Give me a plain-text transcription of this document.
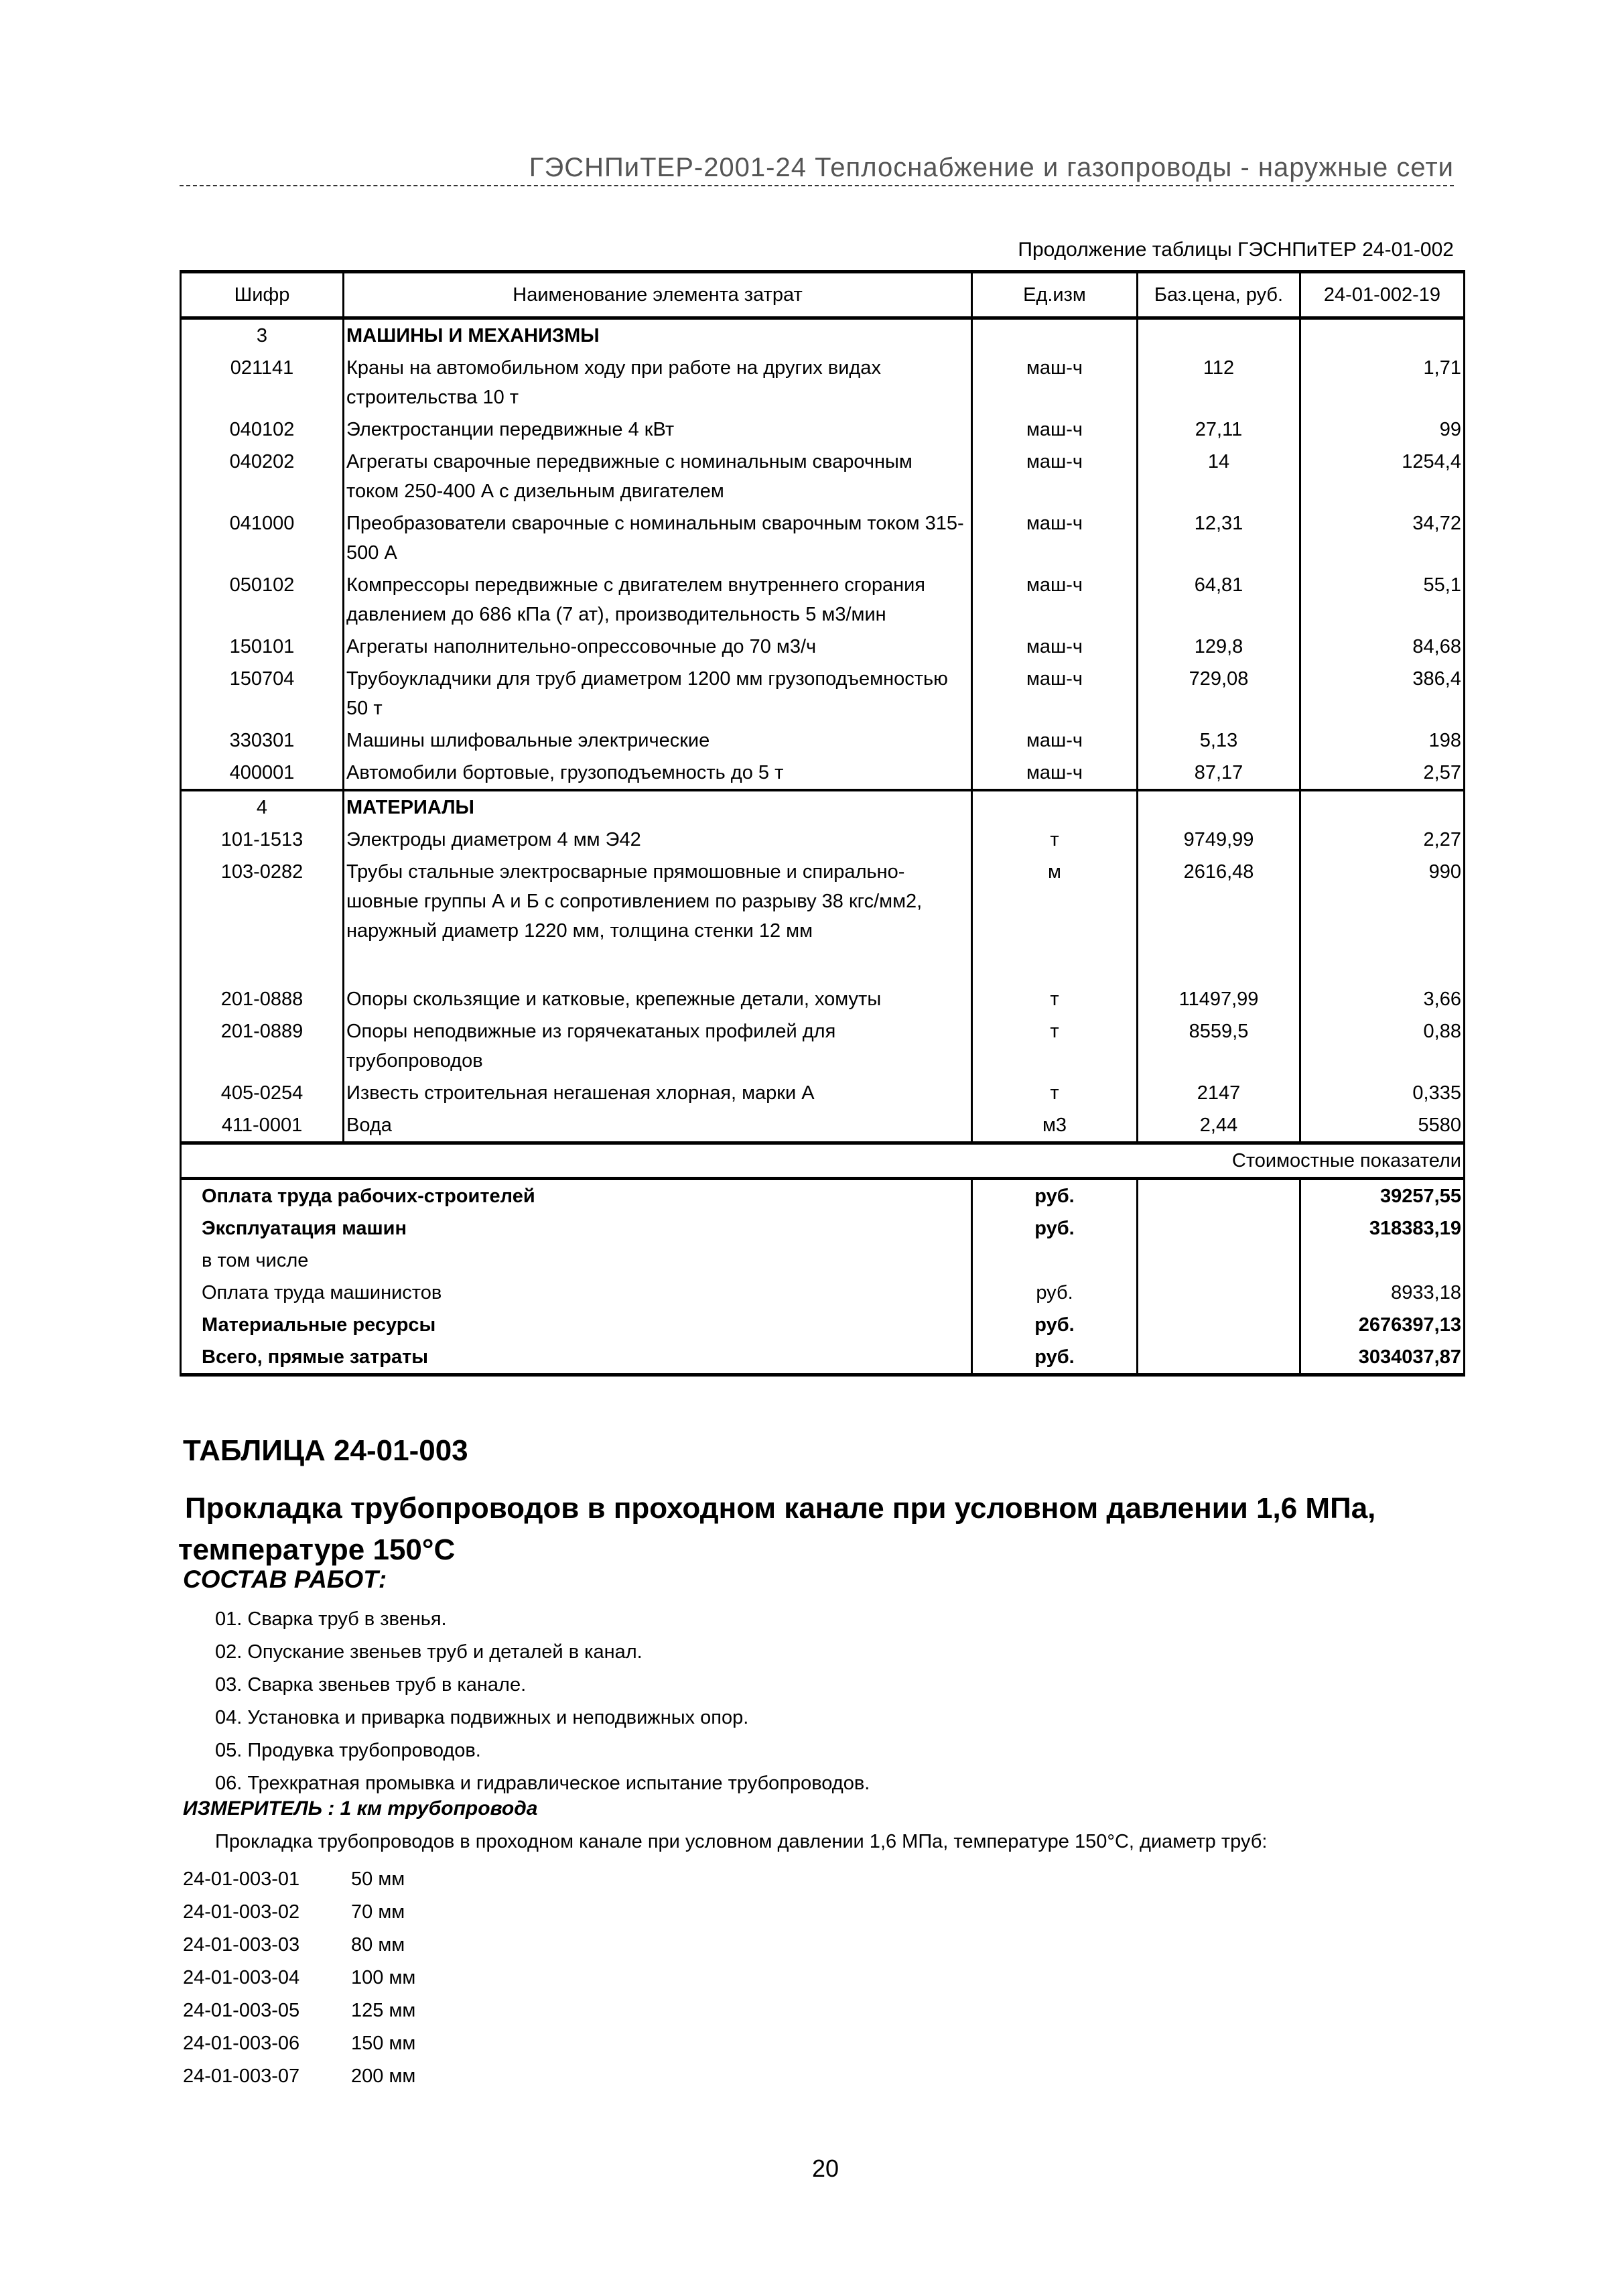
ГЭСНПиТЕР-2001-24 Теплоснабжение и газопроводы - наружные сети
Продолжение таблицы ГЭСНПиТЕР 24-01-002
Шифр	Наименование элемента затрат	Ед.изм	Баз.цена, руб.	24-01-002-19
3	МАШИНЫ И МЕХАНИЗМЫ			
021141	Краны на автомобильном ходу при работе на других видах строительства 10 т	маш-ч	112	1,71
040102	Электростанции передвижные 4 кВт	маш-ч	27,11	99
040202	Агрегаты сварочные передвижные с номинальным сварочным током 250-400 А с дизельным двигателем	маш-ч	14	1254,4
041000	Преобразователи сварочные с номинальным сварочным током 315-500 А	маш-ч	12,31	34,72
050102	Компрессоры передвижные с двигателем внутреннего сгорания давлением до 686 кПа (7 ат), производительность 5 м3/мин	маш-ч	64,81	55,1
150101	Агрегаты наполнительно-опрессовочные до 70 м3/ч	маш-ч	129,8	84,68
150704	Трубоукладчики для труб диаметром 1200 мм грузоподъемностью 50 т	маш-ч	729,08	386,4
330301	Машины шлифовальные электрические	маш-ч	5,13	198
400001	Автомобили бортовые, грузоподъемность до 5 т	маш-ч	87,17	2,57
4	МАТЕРИАЛЫ			
101-1513	Электроды диаметром 4 мм Э42	т	9749,99	2,27
103-0282	Трубы стальные электросварные прямошовные и спирально-шовные группы А и Б с сопротивлением по разрыву 38 кгс/мм2, наружный диаметр 1220 мм, толщина стенки 12 мм	м	2616,48	990
201-0888	Опоры скользящие и катковые, крепежные детали, хомуты	т	11497,99	3,66
201-0889	Опоры неподвижные из горячекатаных профилей для трубопроводов	т	8559,5	0,88
405-0254	Известь строительная негашеная хлорная, марки А	т	2147	0,335
411-0001	Вода	м3	2,44	5580
Стоимостные показатели				
Оплата труда рабочих-строителей		руб.		39257,55
Эксплуатация машин		руб.		318383,19
в том числе				
Оплата труда машинистов		руб.		8933,18
Материальные ресурсы		руб.		2676397,13
Всего, прямые затраты		руб.		3034037,87
ТАБЛИЦА 24-01-003
Прокладка трубопроводов в проходном канале при условном давлении 1,6 МПа, температуре 150°С
СОСТАВ РАБОТ:
01. Сварка труб в звенья.
02. Опускание звеньев труб и деталей в канал.
03. Сварка звеньев труб в канале.
04. Установка и приварка подвижных и неподвижных опор.
05. Продувка трубопроводов.
06. Трехкратная промывка и гидравлическое испытание трубопроводов.
ИЗМЕРИТЕЛЬ : 1 км трубопровода
Прокладка трубопроводов в проходном канале при условном давлении 1,6 МПа, температуре 150°С, диаметр труб:
24-01-003-01	50 мм
24-01-003-02	70 мм
24-01-003-03	80 мм
24-01-003-04	100 мм
24-01-003-05	125 мм
24-01-003-06	150 мм
24-01-003-07	200 мм
20
